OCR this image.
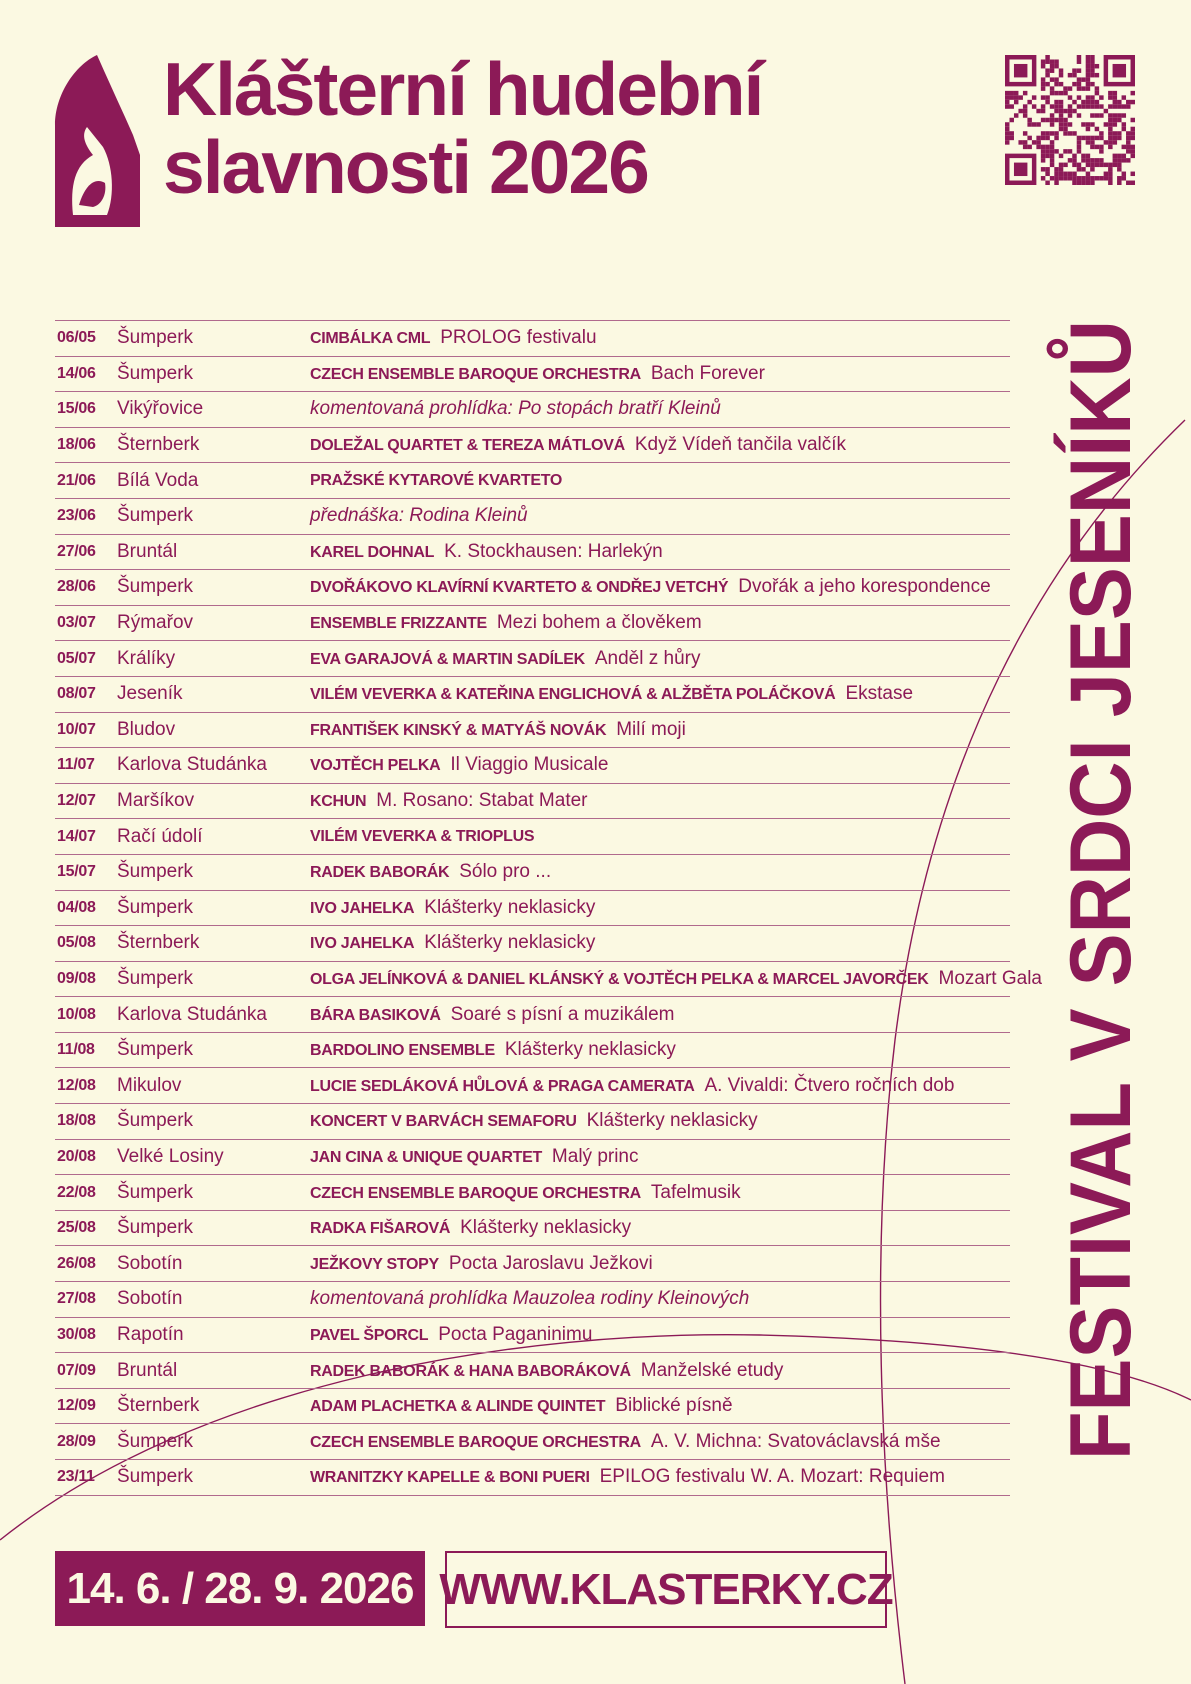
Klášterní hudební
slavnosti 2026
06/05 Šumperk	CIMBÁLKA CML PROLOG festivalu
14/06 Šumperk	CZECH ENSEMBLE BAROQUE ORCHESTRA Bach Forever
15/06 Vikýřovice	komentovaná prohlídka: Po stopách bratří Kleinů
18/06 Šternberk	DOLEŽAL QUARTET & TEREZA MÁTLOVÁ Když Vídeň tančila valčík
21/06 Bílá Voda	PRAŽSKÉ KYTAROVÉ KVARTETO
23/06 Šumperk	přednáška: Rodina Kleinů
27/06 Bruntál	KAREL DOHNAL K. Stockhausen: Harlekýn
28/06 Šumperk	DVOŘÁKOVO KLAVÍRNÍ KVARTETO & ONDŘEJ VETCHÝ Dvořák a jeho korespondence
03/07 Rýmařov	ENSEMBLE FRIZZANTE Mezi bohem a člověkem
05/07 Králíky	EVA GARAJOVÁ & MARTIN SADÍLEK Anděl z hůry
08/07 Jeseník	VILÉM VEVERKA & KATEŘINA ENGLICHOVÁ & ALŽBĚTA POLÁČKOVÁ Ekstase
10/07 Bludov	FRANTIŠEK KINSKÝ & MATYÁŠ NOVÁK Milí moji
11/07 Karlova Studánka	VOJTĚCH PELKA Il Viaggio Musicale
12/07 Maršíkov	KCHUN M. Rosano: Stabat Mater
14/07 Račí údolí	VILÉM VEVERKA & TRIOPLUS
15/07 Šumperk	RADEK BABORÁK Sólo pro ...
04/08 Šumperk	IVO JAHELKA Klášterky neklasicky
05/08 Šternberk	IVO JAHELKA Klášterky neklasicky
09/08 Šumperk	OLGA JELÍNKOVÁ & DANIEL KLÁNSKÝ & VOJTĚCH PELKA & MARCEL JAVORČEK Mozart Gala
10/08 Karlova Studánka	BÁRA BASIKOVÁ Soaré s písní a muzikálem
11/08 Šumperk	BARDOLINO ENSEMBLE Klášterky neklasicky
12/08 Mikulov	LUCIE SEDLÁKOVÁ HŮLOVÁ & PRAGA CAMERATA A. Vivaldi: Čtvero ročních dob
18/08 Šumperk	KONCERT V BARVÁCH SEMAFORU Klášterky neklasicky
20/08 Velké Losiny	JAN CINA & UNIQUE QUARTET Malý princ
22/08 Šumperk	CZECH ENSEMBLE BAROQUE ORCHESTRA Tafelmusik
25/08 Šumperk	RADKA FIŠAROVÁ Klášterky neklasicky
26/08 Sobotín	JEŽKOVY STOPY Pocta Jaroslavu Ježkovi
27/08 Sobotín	komentovaná prohlídka Mauzolea rodiny Kleinových
30/08 Rapotín	PAVEL ŠPORCL Pocta Paganinimu
07/09 Bruntál	RADEK BABORÁK & HANA BABORÁKOVÁ Manželské etudy
12/09 Šternberk	ADAM PLACHETKA & ALINDE QUINTET Biblické písně
28/09 Šumperk	CZECH ENSEMBLE BAROQUE ORCHESTRA A. V. Michna: Svatováclavská mše
23/11 Šumperk	WRANITZKY KAPELLE & BONI PUERI EPILOG festivalu W. A. Mozart: Requiem
FESTIVAL V SRDCI JESENÍKŮ
14. 6. / 28. 9. 2026 WWW.KLASTERKY.CZ
